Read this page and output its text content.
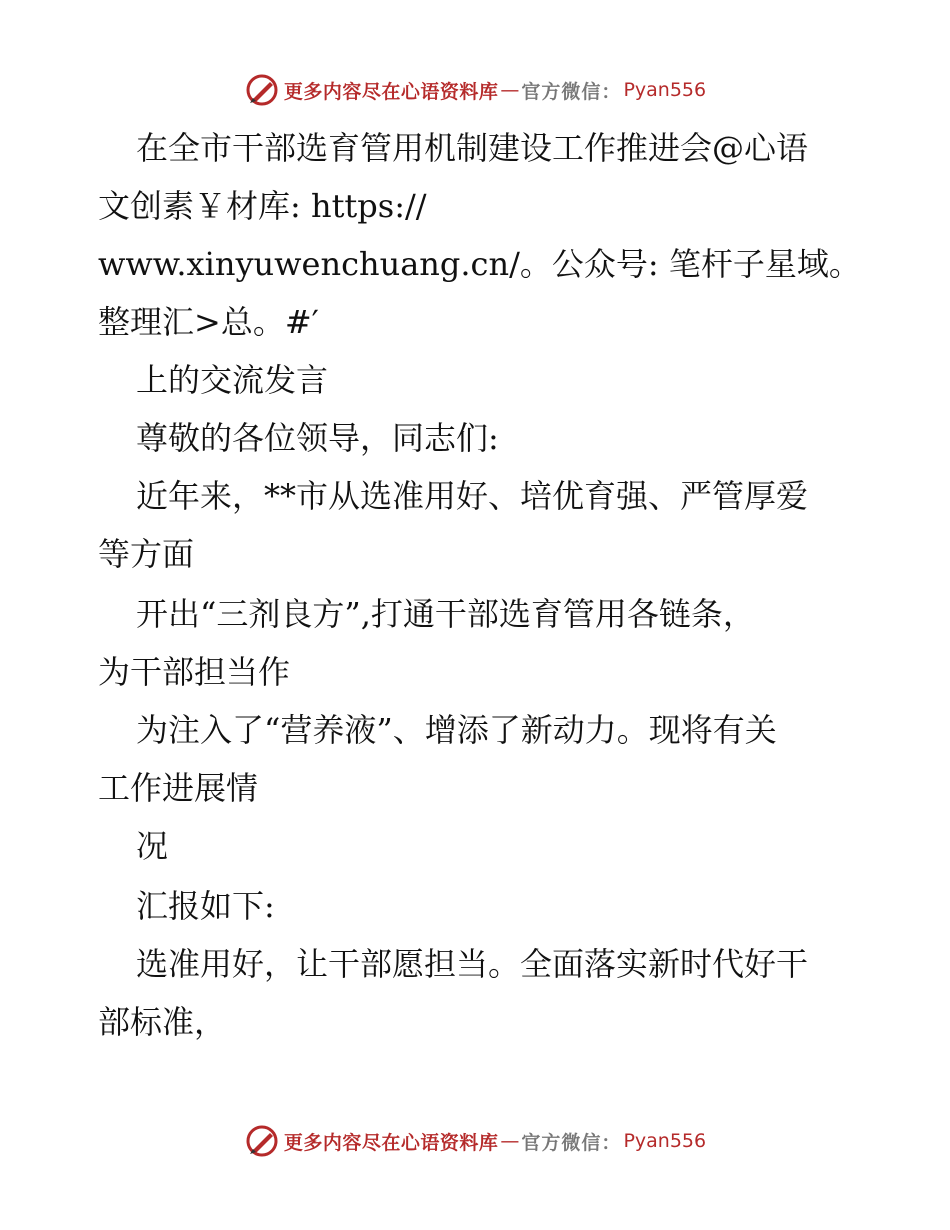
更多内容尽在心语资料库 — 官方微信： Pyan556
在全市干部选育管用机制建设工作推进会@心语
文创素￥材库: https://
www.xinyuwenchuang.cn/。公众号: 笔杆子星域。
整理汇>总。#′
上的交流发言
尊敬的各位领导，同志们:
近年来，**市从选准用好、培优育强、严管厚爱
等方面
开出“三剂良方”,打通干部选育管用各链条，
为干部担当作
为注入了“营养液”、增添了新动力。现将有关
工作进展情
况
汇报如下:
选准用好，让干部愿担当。全面落实新时代好干
部标准，
更多内容尽在心语资料库 — 官方微信： Pyan556
